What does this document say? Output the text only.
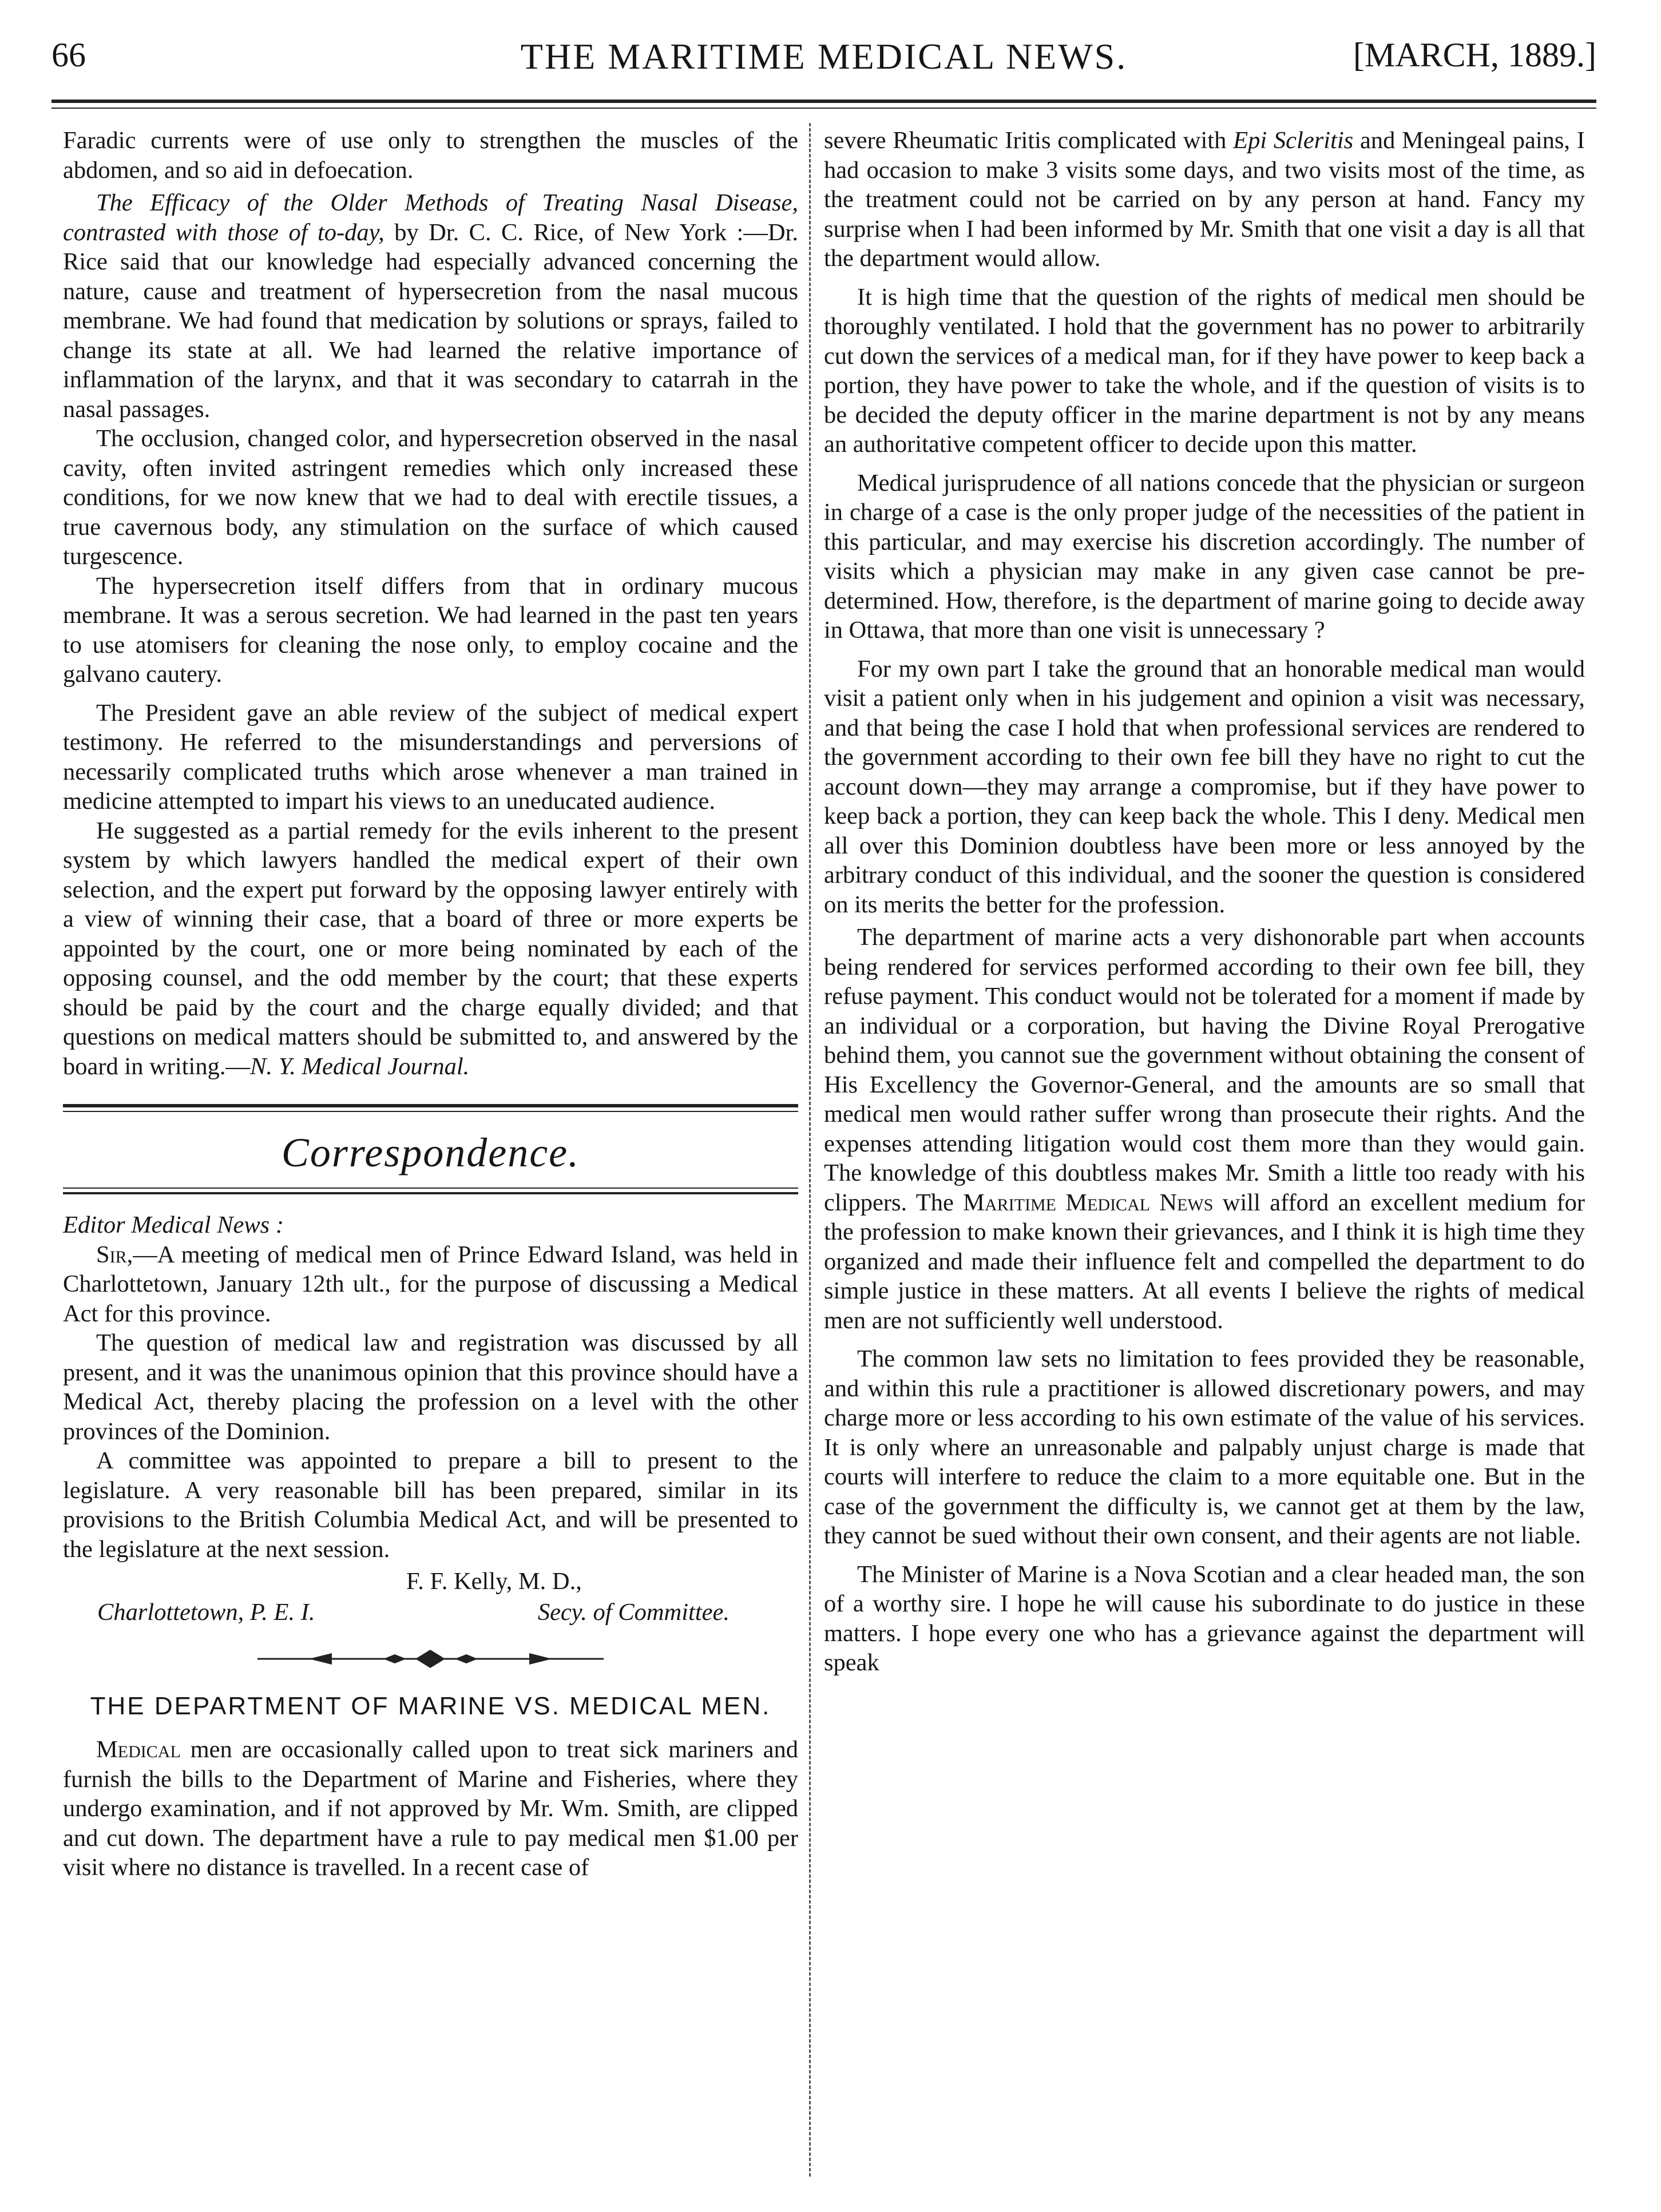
66	THE MARITIME MEDICAL NEWS.	[MARCH, 1889.]

Faradic currents were of use only to strengthen the muscles of the abdomen, and so aid in defoecation.

The Efficacy of the Older Methods of Treating Nasal Disease, contrasted with those of to-day, by Dr. C. C. Rice, of New York :—Dr. Rice said that our knowledge had especially advanced concerning the nature, cause and treatment of hypersecretion from the nasal mucous membrane. We had found that medication by solutions or sprays, failed to change its state at all. We had learned the relative importance of inflammation of the larynx, and that it was secondary to catarrah in the nasal passages.

The occlusion, changed color, and hypersecretion observed in the nasal cavity, often invited astringent remedies which only increased these conditions, for we now knew that we had to deal with erectile tissues, a true cavernous body, any stimulation on the surface of which caused turgescence.

The hypersecretion itself differs from that in ordinary mucous membrane. It was a serous secretion. We had learned in the past ten years to use atomisers for cleaning the nose only, to employ cocaine and the galvano cautery.

The President gave an able review of the subject of medical expert testimony. He referred to the misunderstandings and perversions of necessarily complicated truths which arose whenever a man trained in medicine attempted to impart his views to an uneducated audience.

He suggested as a partial remedy for the evils inherent to the present system by which lawyers handled the medical expert of their own selection, and the expert put forward by the opposing lawyer entirely with a view of winning their case, that a board of three or more experts be appointed by the court, one or more being nominated by each of the opposing counsel, and the odd member by the court; that these experts should be paid by the court and the charge equally divided; and that questions on medical matters should be submitted to, and answered by the board in writing.—N. Y. Medical Journal.

Correspondence.
Editor Medical News :

Sir,—A meeting of medical men of Prince Edward Island, was held in Charlottetown, January 12th ult., for the purpose of discussing a Medical Act for this province.

The question of medical law and registration was discussed by all present, and it was the unanimous opinion that this province should have a Medical Act, thereby placing the profession on a level with the other provinces of the Dominion.

A committee was appointed to prepare a bill to present to the legislature. A very reasonable bill has been prepared, similar in its provisions to the British Columbia Medical Act, and will be presented to the legislature at the next session.

F. F. Kelly, M. D.,
Charlottetown, P. E. I.	Secy. of Committee.
THE DEPARTMENT OF MARINE VS. MEDICAL MEN.

Medical men are occasionally called upon to treat sick mariners and furnish the bills to the Department of Marine and Fisheries, where they undergo examination, and if not approved by Mr. Wm. Smith, are clipped and cut down. The department have a rule to pay medical men $1.00 per visit where no distance is travelled. In a recent case of

severe Rheumatic Iritis complicated with Epi Scleritis and Meningeal pains, I had occasion to make 3 visits some days, and two visits most of the time, as the treatment could not be carried on by any person at hand. Fancy my surprise when I had been informed by Mr. Smith that one visit a day is all that the department would allow.

It is high time that the question of the rights of medical men should be thoroughly ventilated. I hold that the government has no power to arbitrarily cut down the services of a medical man, for if they have power to keep back a portion, they have power to take the whole, and if the question of visits is to be decided the deputy officer in the marine department is not by any means an authoritative competent officer to decide upon this matter.

Medical jurisprudence of all nations concede that the physician or surgeon in charge of a case is the only proper judge of the necessities of the patient in this particular, and may exercise his discretion accordingly. The number of visits which a physician may make in any given case cannot be pre-determined. How, therefore, is the department of marine going to decide away in Ottawa, that more than one visit is unnecessary ?

For my own part I take the ground that an honorable medical man would visit a patient only when in his judgement and opinion a visit was necessary, and that being the case I hold that when professional services are rendered to the government according to their own fee bill they have no right to cut the account down—they may arrange a compromise, but if they have power to keep back a portion, they can keep back the whole. This I deny. Medical men all over this Dominion doubtless have been more or less annoyed by the arbitrary conduct of this individual, and the sooner the question is considered on its merits the better for the profession.

The department of marine acts a very dishonorable part when accounts being rendered for services performed according to their own fee bill, they refuse payment. This conduct would not be tolerated for a moment if made by an individual or a corporation, but having the Divine Royal Prerogative behind them, you cannot sue the government without obtaining the consent of His Excellency the Governor-General, and the amounts are so small that medical men would rather suffer wrong than prosecute their rights. And the expenses attending litigation would cost them more than they would gain. The knowledge of this doubtless makes Mr. Smith a little too ready with his clippers. The Maritime Medical News will afford an excellent medium for the profession to make known their grievances, and I think it is high time they organized and made their influence felt and compelled the department to do simple justice in these matters. At all events I believe the rights of medical men are not sufficiently well understood.

The common law sets no limitation to fees provided they be reasonable, and within this rule a practitioner is allowed discretionary powers, and may charge more or less according to his own estimate of the value of his services. It is only where an unreasonable and palpably unjust charge is made that courts will interfere to reduce the claim to a more equitable one. But in the case of the government the difficulty is, we cannot get at them by the law, they cannot be sued without their own consent, and their agents are not liable.

The Minister of Marine is a Nova Scotian and a clear headed man, the son of a worthy sire. I hope he will cause his subordinate to do justice in these matters. I hope every one who has a grievance against the department will speak
